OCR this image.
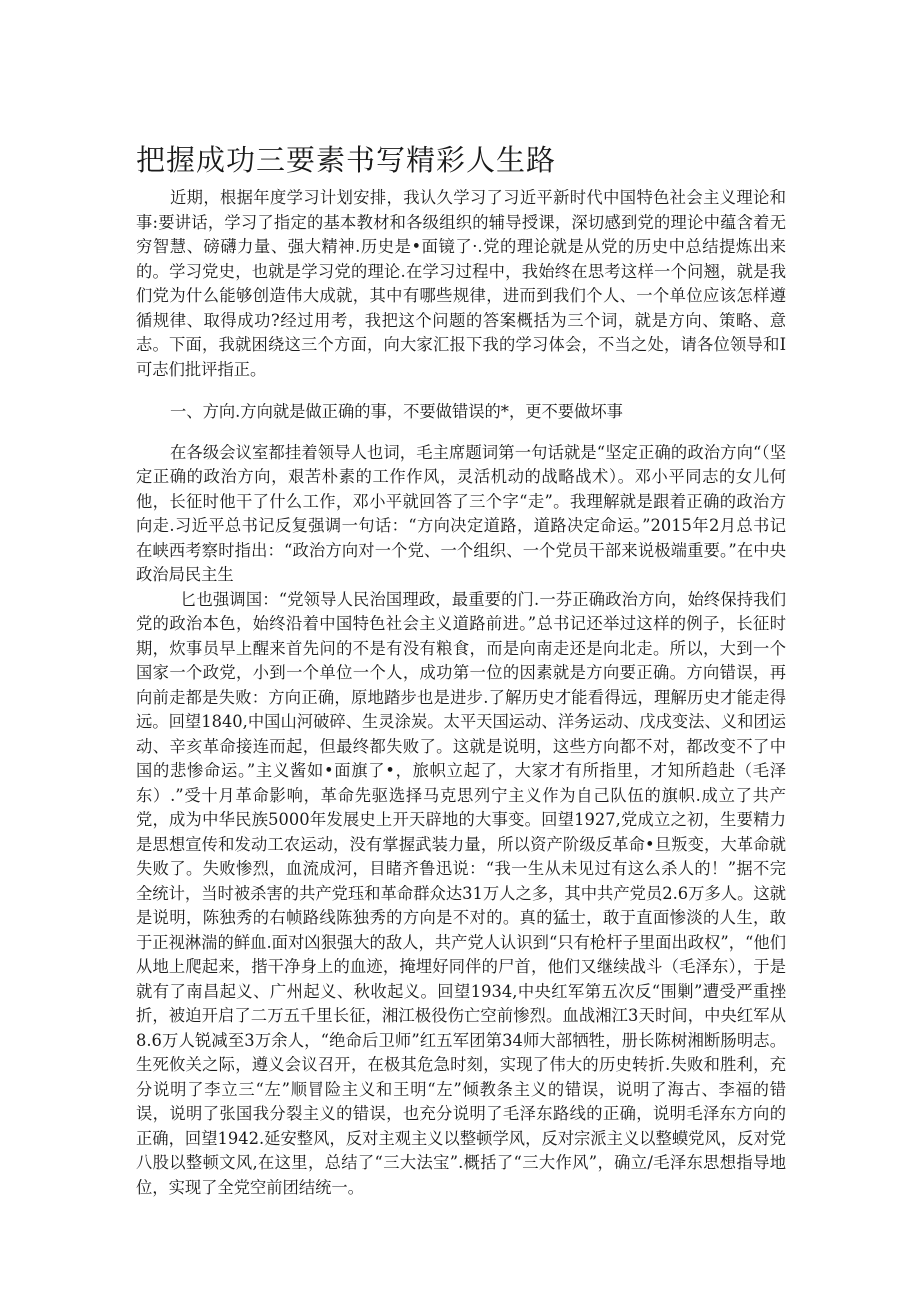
把握成功三要素书写精彩人生路

近期，根据年度学习计划安排，我认久学习了习近平新时代中国特色社会主义理论和事:要讲话，学习了指定的基本教材和各级组织的辅导授课，深切感到党的理论中蕴含着无穷智慧、磅礴力量、强大精神.历史是•面镜了·.党的理论就是从党的历史中总结提炼出来的。学习党史，也就是学习党的理论.在学习过程中，我始终在思考这样一个问翘，就是我们党为什么能够创造伟大成就，其中有哪些规律，进而到我们个人、一个单位应该怎样遵循规律、取得成功?经过用考，我把这个问题的答案概括为三个词，就是方向、策略、意志。下面，我就困绕这三个方面，向大家汇报下我的学习体会，不当之处，请各位领导和I可志们批评指正。

一、方向.方向就是做正确的事，不要做错误的*，更不要做坏事

在各级会议室都挂着领导人也词，毛主席题词第一句话就是“坚定正确的政治方向“（坚定正确的政治方向，艰苦朴素的工作作风，灵活机动的战略战术）。邓小平同志的女儿何他，长征时他干了什么工作，邓小平就回答了三个字“走”。我理解就是跟着正确的政治方向走.习近平总书记反复强调一句话：“方向决定道路，道路决定命运。”2015年2月总书记在峡西考察时指出：“政治方向对一个党、一个组织、一个党员干部来说极端重要。”在中央政治局民主生

匕也强调国：“党领导人民治国理政，最重要的门.一芬正确政治方向，始终保持我们党的政治本色，始终沿着中国特色社会主义道路前进。”总书记还举过这样的例子，长征时期，炊事员早上醒来首先问的不是有没有粮食，而是向南走还是向北走。所以，大到一个国家一个政党，小到一个单位一个人，成功第一位的因素就是方向要正确。方向错误，再向前走都是失败：方向正确，原地踏步也是进步.了解历史才能看得远，理解历史才能走得远。回望1840,中国山河破碎、生灵涂炭。太平天国运动、洋务运动、戊戌变法、义和团运动、辛亥革命接连而起，但最终都失败了。这就是说明，这些方向都不对，都改变不了中国的悲惨命运。”主义酱如•面旗了•，旅帜立起了，大家才有所指里，才知所趋赴（毛泽东）.”受十月革命影响，革命先驱选择马克思列宁主义作为自己队伍的旗帜.成立了共产党，成为中华民族5000年发展史上开天辟地的大事变。回望1927,党成立之初，生要精力是思想宣传和发动工农运动，没有掌握武装力量，所以资产阶级反革命•旦叛变，大革命就失败了。失败惨烈，血流成河，目睹齐鲁迅说：“我一生从未见过有这么杀人的！”据不完全统计，当时被杀害的共产党珏和革命群众达31万人之多，其中共产党员2.6万多人。这就是说明，陈独秀的右帧路线陈独秀的方向是不对的。真的猛士，敢于直面惨淡的人生，敢于正视淋湍的鲜血.面对凶狠强大的敌人，共产党人认识到“只有枪杆子里面出政权”，“他们从地上爬起来，揩干净身上的血迹，掩埋好同伴的尸首，他们又继续战斗（毛泽东），于是就有了南昌起义、广州起义、秋收起义。回望1934,中央红军第五次反“围剿”遭受严重挫折，被迫开启了二万五千里长征，湘江极役伤亡空前惨烈。血战湘江3天时间，中央红军从8.6万人锐减至3万余人，“绝命后卫师”红五军团第34师大部牺牲，册长陈树湘断肠明志。生死攸关之际，遵义会议召开，在极其危急时刻，实现了伟大的历史转折.失败和胜利，充分说明了李立三“左”顺冒险主义和王明“左”倾教条主义的错误，说明了海古、李福的错误，说明了张国我分裂主义的错误，也充分说明了毛泽东路线的正确，说明毛泽东方向的正确，回望1942.延安整风，反对主观主义以整顿学风，反对宗派主义以整蟆党风，反对党八股以整顿文风,在这里，总结了“三大法宝”.概括了“三大作风”，确立/毛泽东思想指导地位，实现了全党空前团结统一。
